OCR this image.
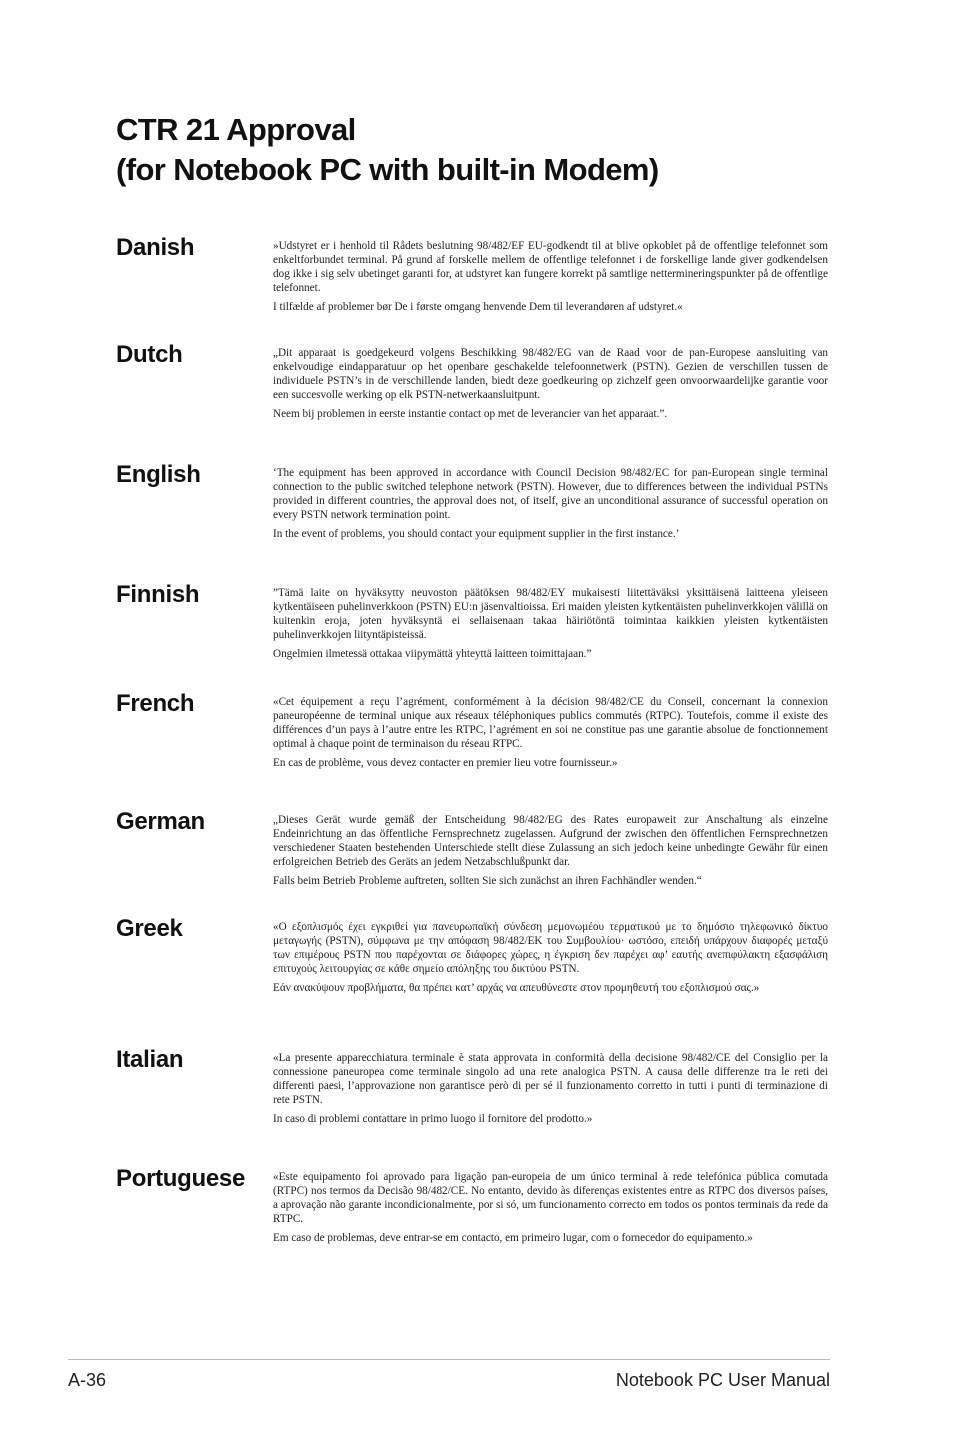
CTR 21 Approval
(for Notebook PC with built-in Modem)
Danish	»Udstyret er i henhold til Rådets beslutning 98/482/EF EU-godkendt til at blive opkoblet på de offentlige telefonnet som enkeltforbundet terminal. På grund af forskelle mellem de offentlige telefonnet i de forskellige lande giver godkendelsen dog ikke i sig selv ubetinget garanti for, at udstyret kan fungere korrekt på samtlige nettermineringspunkter på de offentlige telefonnet.

I tilfælde af problemer bør De i første omgang henvende Dem til leverandøren af udstyret.«

Dutch	„Dit apparaat is goedgekeurd volgens Beschikking 98/482/EG van de Raad voor de pan-Europese aansluiting van enkelvoudige eindapparatuur op het openbare geschakelde telefoonnetwerk (PSTN). Gezien de verschillen tussen de individuele PSTN’s in de verschillende landen, biedt deze goedkeuring op zichzelf geen onvoorwaardelijke garantie voor een succesvolle werking op elk PSTN-netwerkaansluitpunt.

Neem bij problemen in eerste instantie contact op met de leverancier van het apparaat.”.

English	‘The equipment has been approved in accordance with Council Decision 98/482/EC for pan-European single terminal connection to the public switched telephone network (PSTN). However, due to differences between the individual PSTNs provided in different countries, the approval does not, of itself, give an unconditional assurance of successful operation on every PSTN network termination point.

In the event of problems, you should contact your equipment supplier in the first instance.’

Finnish	”Tämä laite on hyväksytty neuvoston päätöksen 98/482/EY mukaisesti liitettäväksi yksittäisenä laitteena yleiseen kytkentäiseen puhelinverkkoon (PSTN) EU:n jäsenvaltioissa. Eri maiden yleisten kytkentäisten puhelinverkkojen välillä on kuitenkin eroja, joten hyväksyntä ei sellaisenaan takaa häiriötöntä toimintaa kaikkien yleisten kytkentäisten puhelinverkkojen liityntäpisteissä.

Ongelmien ilmetessä ottakaa viipymättä yhteyttä laitteen toimittajaan.”

French	«Cet équipement a reçu l’agrément, conformément à la décision 98/482/CE du Conseil, concernant la connexion paneuropéenne de terminal unique aux réseaux téléphoniques publics commutés (RTPC). Toutefois, comme il existe des différences d’un pays à l’autre entre les RTPC, l’agrément en soi ne constitue pas une garantie absolue de fonctionnement optimal à chaque point de terminaison du réseau RTPC.

En cas de problème, vous devez contacter en premier lieu votre fournisseur.»

German	„Dieses Gerät wurde gemäß der Entscheidung 98/482/EG des Rates europaweit zur Anschaltung als einzelne Endeinrichtung an das öffentliche Fernsprechnetz zugelassen. Aufgrund der zwischen den öffentlichen Fernsprechnetzen verschiedener Staaten bestehenden Unterschiede stellt diese Zulassung an sich jedoch keine unbedingte Gewähr für einen erfolgreichen Betrieb des Geräts an jedem Netzabschlußpunkt dar.

Falls beim Betrieb Probleme auftreten, sollten Sie sich zunächst an ihren Fachhändler wenden.“

Greek	«Ο εξοπλισμός έχει εγκριθεί για πανευρωπαϊκή σύνδεση μεμονωμέου τερματικού με το δημόσιο τηλεφωνικό δίκτυο μεταγωγής (PSTN), σύμφωνα με την απόφαση 98/482/ΕΚ του Συμβουλίου· ωστόσο, επειδή υπάρχουν διαφορές μεταξύ των επιμέρους PSTN που παρέχονται σε διάφορες χώρες, η έγκριση δεν παρέχει αφ’ εαυτής ανεπιφύλακτη εξασφάλιση επιτυχούς λειτουργίας σε κάθε σημείο απόληξης του δικτύου PSTN.

Εάν ανακύψουν προβλήματα, θα πρέπει κατ’ αρχάς να απευθύνεστε στον προμηθευτή του εξοπλισμού σας.»

Italian	«La presente apparecchiatura terminale è stata approvata in conformità della decisione 98/482/CE del Consiglio per la connessione paneuropea come terminale singolo ad una rete analogica PSTN. A causa delle differenze tra le reti dei differenti paesi, l’approvazione non garantisce però di per sé il funzionamento corretto in tutti i punti di terminazione di rete PSTN.

In caso di problemi contattare in primo luogo il fornitore del prodotto.»

Portuguese «Este equipamento foi aprovado para ligação pan-europeia de um único terminal à rede telefónica pública comutada (RTPC) nos termos da Decisão 98/482/CE. No entanto, devido às diferenças existentes entre as RTPC dos diversos países, a aprovação não garante incondicionalmente, por si só, um funcionamento correcto em todos os pontos terminais da rede da RTPC.

Em caso de problemas, deve entrar-se em contacto, em primeiro lugar, com o fornecedor do equipamento.»

A-36	Notebook PC User Manual
